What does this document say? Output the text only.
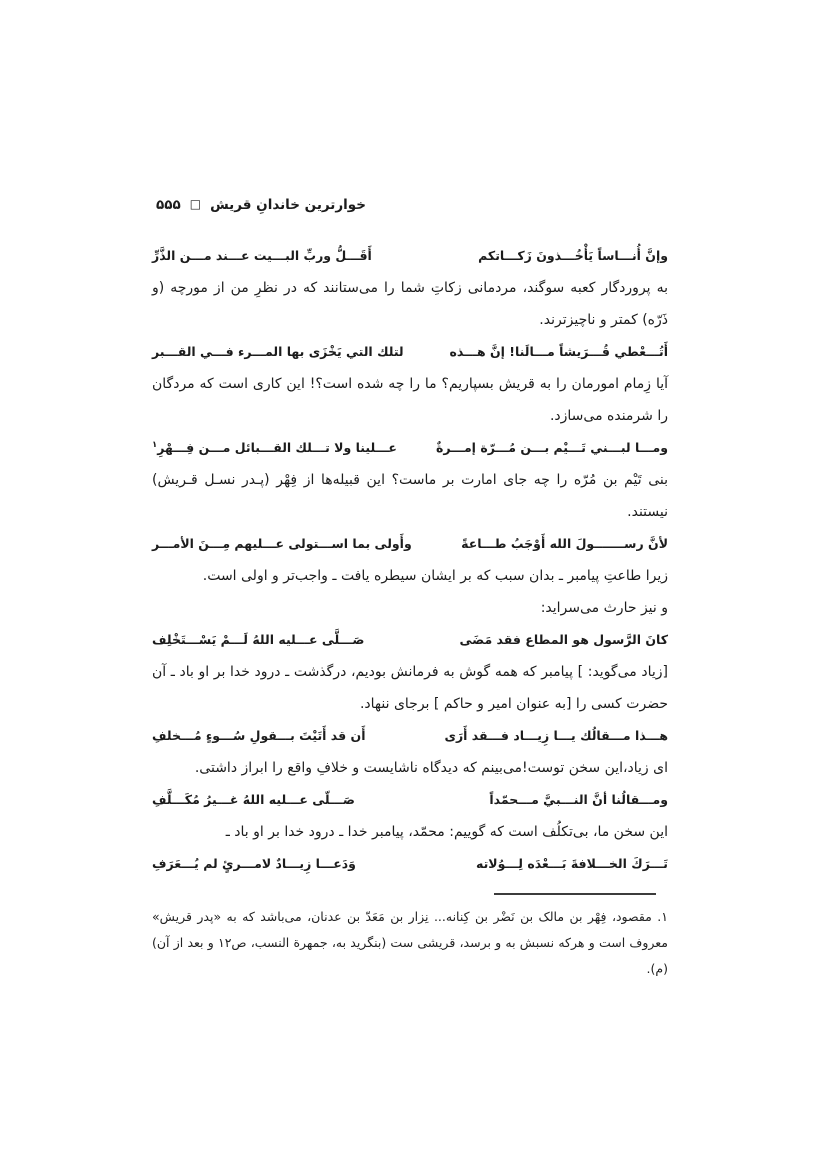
خوارترین خاندانِ قریش
□
۵۵۵
وإنَّ أُنـــاساً يَأْخُـــذونَ زَكـــاتكم
أَقَـــلُّ وربِّ البـــيت عـــند مـــن الذَّرِّ

به پروردگار کعبه سوگند، مردمانی زکاتِ شما را می‌ستانند که در نظرِ من از مورچه (و ذَرّه) کمتر و ناچیزترند.

أَتُـــعْطي قُـــرَيشاً مـــالَنا! إنَّ هـــذه
لتلك التي يَخْزَى بها المـــرء فـــي القـــبر

آیا زِمام امورمان را به قریش بسپاریم؟ ما را چه شده است؟! این کاری است که مردگان را شرمنده می‌سازد.

ومـــا لبـــني تَـــيْم بـــن مُـــرّة إمـــرةٌ
عـــلينا ولا تـــلك القـــبائل مـــن فِـــهْرِ$^۱$

بنی تَیْم بن مُرّه را چه جای امارت بر ماست؟ این قبیله‌ها از فِهْر (پـدر نسـل قـریش) نیستند.

لأنَّ رســـــــولَ الله أَوْجَبُ طـــاعةً
وأَولى بما اســـتولى عـــليهم مِـــنَ الأمـــر

زیرا طاعتِ پیامبر ـ بدان سبب که بر ایشان سیطره یافت ـ واجب‌تر و اولی است.

و نیز حارث می‌سراید:

كانَ الرَّسول هو المطاع فقد مَضَى
صَـــلَّى عـــليه اللهُ لَـــمْ يَسْـــتَخْلِف

[زیاد می‌گوید: ] پیامبر که همه گوش به فرمانش بودیم، درگذشت ـ درود خدا بر او باد ـ آن حضرت کسی را [به عنوان امیر و حاکم ] برجای ننهاد.

هـــذا مـــقالُك يـــا زِيـــاد فـــقد أَرَى
أَن قد أَتَيْتَ بـــقولِ سُـــوءٍ مُـــخلفِ

ای زیاد،این سخن توست!می‌بینم که دیدگاه ناشایست و خلافِ واقع را ابراز داشتی.

ومـــقالُنا أنَّ النـــبيَّ مـــحمّداً
صَـــلّى عـــليه اللهُ غـــيرُ مُكَـــلَّفِ

این سخن ما، بی‌تکلُف است که گوییم: محمّد، پیامبر خدا ـ درود خدا بر او باد ـ

تَـــرَكَ الخـــلافةَ بَـــعْدَه لِـــوُلاته
وَدَعـــا زِيـــادٌ لامـــرئٍ لم يُـــعَرَفِ

۱. مقصود، فِهْر بن مالک بن نَضْر بن کِنانه... نِزار بن مَعَدّ بن عدنان، می‌باشد که به «پدر قریش» معروف است و هرکه نسبش به و برسد، قریشی ست (بنگرید به، جمهرة النسب، ص۱۲ و بعد از آن) (م).
